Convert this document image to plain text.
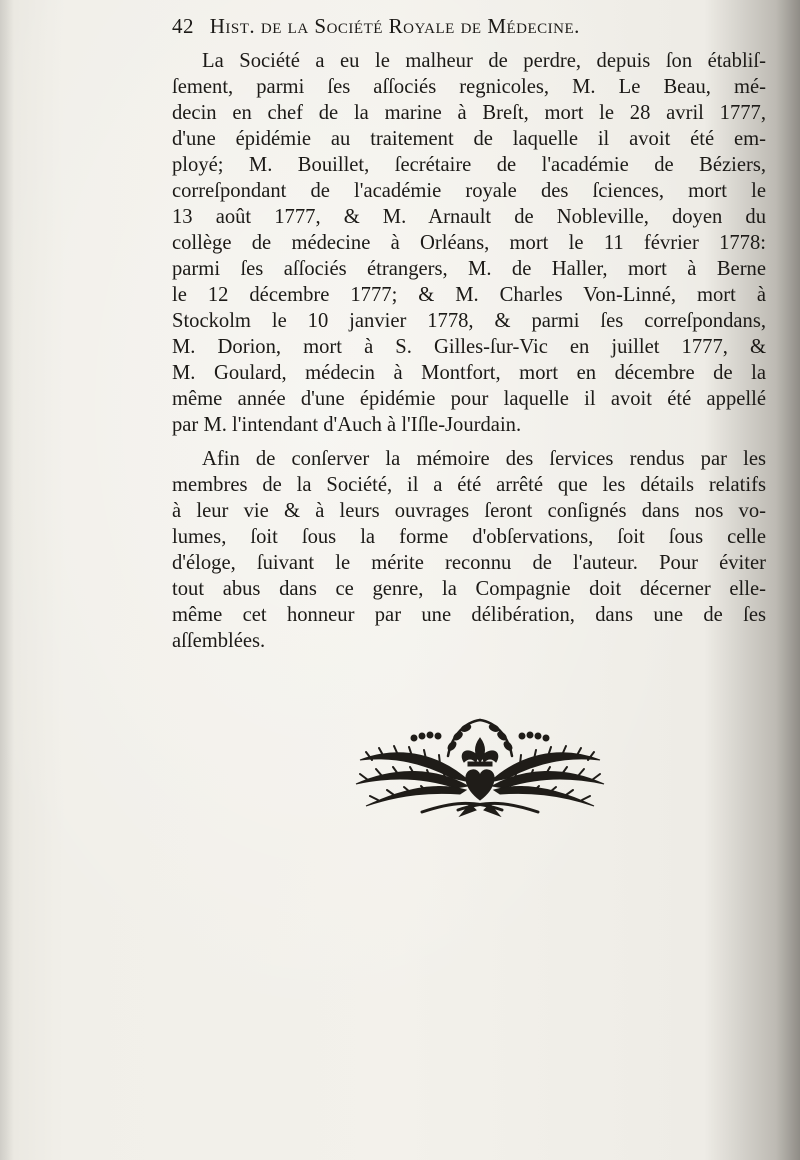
42 Hist. de la Société Royale de Médecine.
La Société a eu le malheur de perdre, depuis ſon établiſ-
ſement, parmi ſes aſſociés regnicoles, M. Le Beau, mé-
decin en chef de la marine à Breſt, mort le 28 avril 1777,
d'une épidémie au traitement de laquelle il avoit été em-
ployé; M. Bouillet, ſecrétaire de l'académie de Béziers,
correſpondant de l'académie royale des ſciences, mort le
13 août 1777, & M. Arnault de Nobleville, doyen du
collège de médecine à Orléans, mort le 11 février 1778:
parmi ſes aſſociés étrangers, M. de Haller, mort à Berne
le 12 décembre 1777; & M. Charles Von-Linné, mort à
Stockolm le 10 janvier 1778, & parmi ſes correſpondans,
M. Dorion, mort à S. Gilles-ſur-Vic en juillet 1777, &
M. Goulard, médecin à Montfort, mort en décembre de la
même année d'une épidémie pour laquelle il avoit été appellé
par M. l'intendant d'Auch à l'Iſle-Jourdain.
Afin de conſerver la mémoire des ſervices rendus par les
membres de la Société, il a été arrêté que les détails relatifs
à leur vie & à leurs ouvrages ſeront conſignés dans nos vo-
lumes, ſoit ſous la forme d'obſervations, ſoit ſous celle
d'éloge, ſuivant le mérite reconnu de l'auteur. Pour éviter
tout abus dans ce genre, la Compagnie doit décerner elle-
même cet honneur par une délibération, dans une de ſes
aſſemblées.
